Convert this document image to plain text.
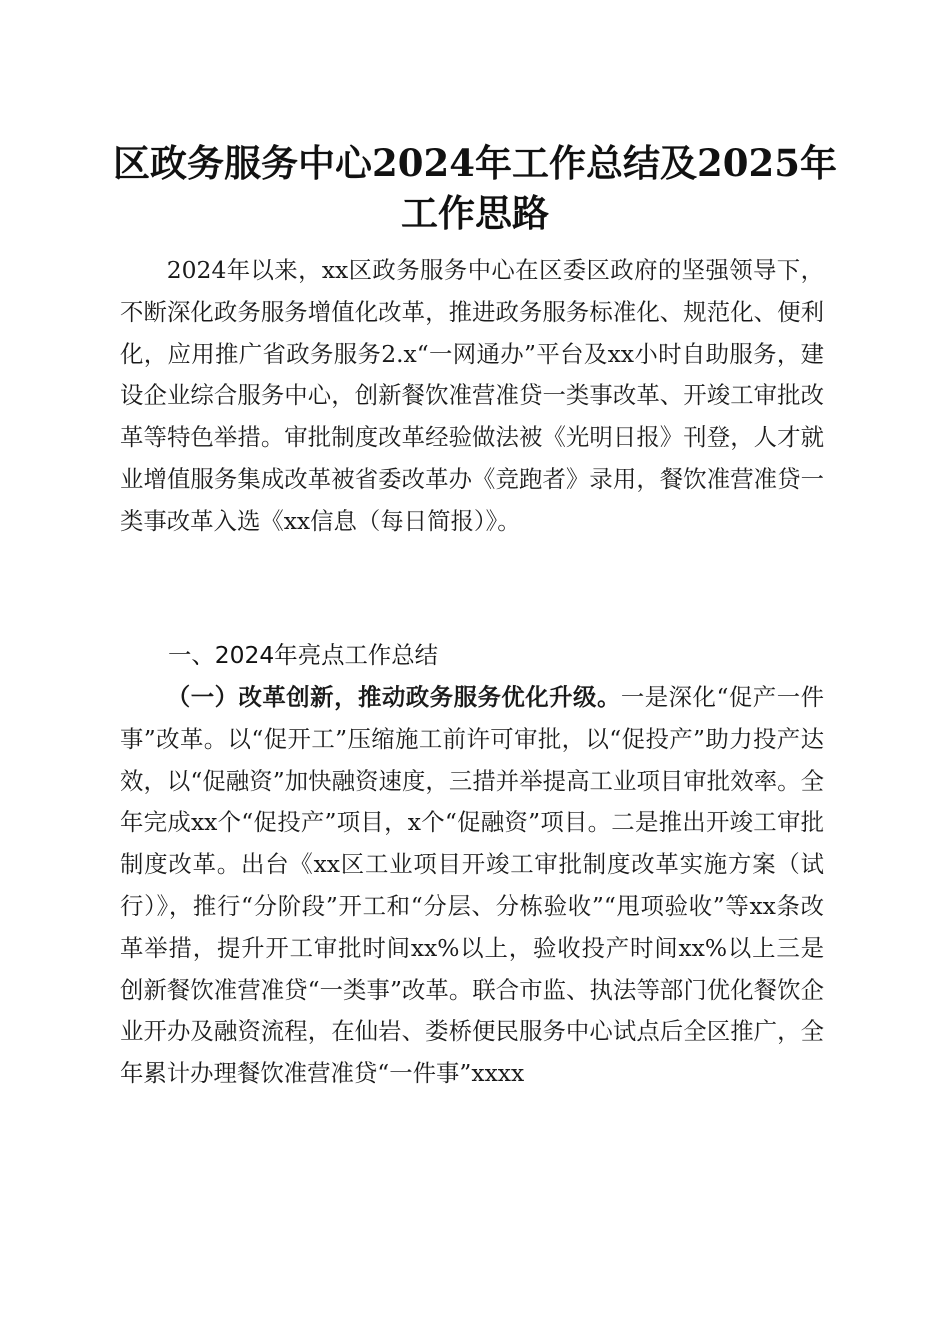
区政务服务中心2024年工作总结及2025年工作思路

2024年以来，xx区政务服务中心在区委区政府的坚强领导下，不断深化政务服务增值化改革，推进政务服务标准化、规范化、便利化，应用推广省政务服务2.x“一网通办”平台及xx小时自助服务，建设企业综合服务中心，创新餐饮准营准贷一类事改革、开竣工审批改革等特色举措。审批制度改革经验做法被《光明日报》刊登，人才就业增值服务集成改革被省委改革办《竞跑者》录用，餐饮准营准贷一类事改革入选《xx信息（每日简报）》。

一、2024年亮点工作总结

（一）改革创新，推动政务服务优化升级。一是深化“促产一件事”改革。以“促开工”压缩施工前许可审批，以“促投产”助力投产达效，以“促融资”加快融资速度，三措并举提高工业项目审批效率。全年完成xx个“促投产”项目，x个“促融资”项目。二是推出开竣工审批制度改革。出台《xx区工业项目开竣工审批制度改革实施方案（试行）》，推行“分阶段”开工和“分层、分栋验收”“甩项验收”等xx条改革举措，提升开工审批时间xx%以上，验收投产时间xx%以上三是创新餐饮准营准贷“一类事”改革。联合市监、执法等部门优化餐饮企业开办及融资流程，在仙岩、娄桥便民服务中心试点后全区推广，全年累计办理餐饮准营准贷“一件事”xxxx
